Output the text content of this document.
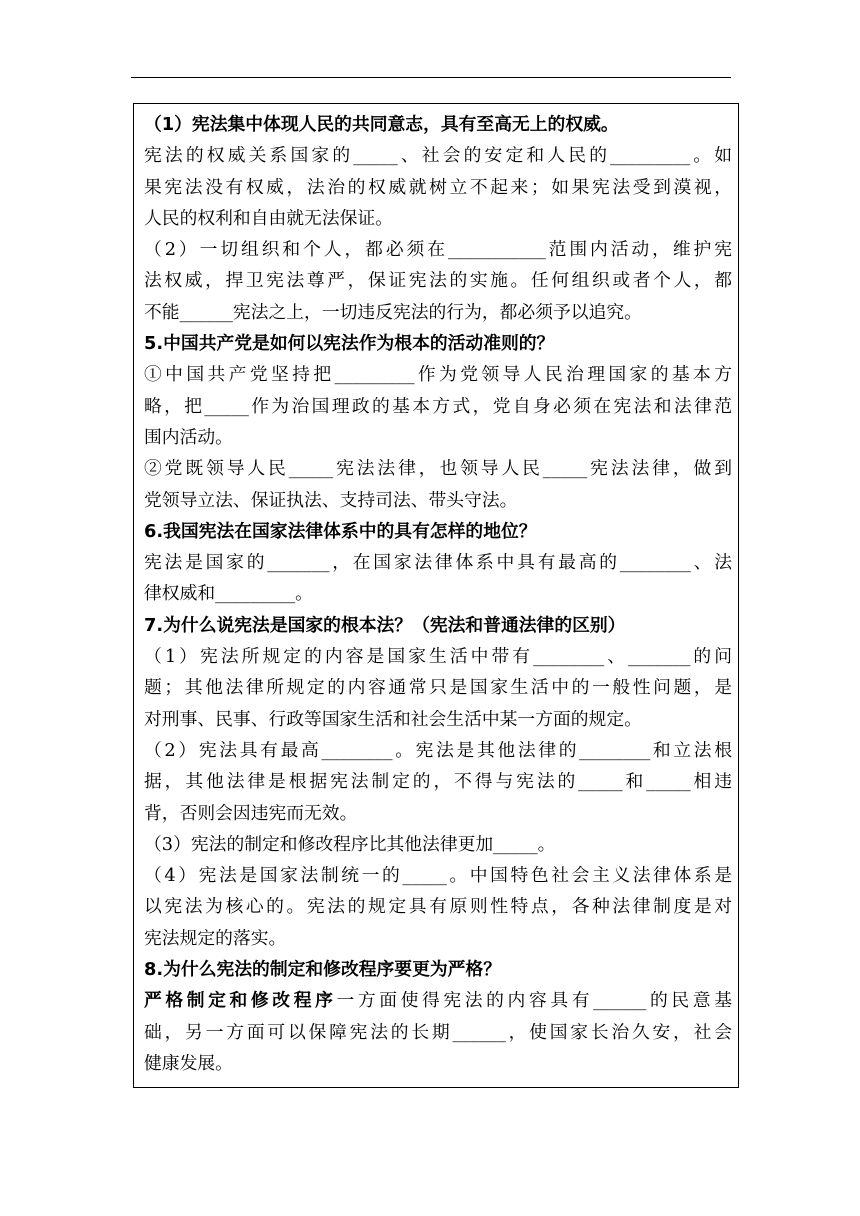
（1）宪法集中体现人民的共同意志，具有至高无上的权威。
宪法的权威关系国家的_____、社会的安定和人民的_________。如
果宪法没有权威，法治的权威就树立不起来；如果宪法受到漠视，
人民的权利和自由就无法保证。
（2）一切组织和个人，都必须在___________范围内活动，维护宪
法权威，捍卫宪法尊严，保证宪法的实施。任何组织或者个人，都
不能______宪法之上，一切违反宪法的行为，都必须予以追究。
5.中国共产党是如何以宪法作为根本的活动准则的？
①中国共产党坚持把_________作为党领导人民治理国家的基本方
略，把_____作为治国理政的基本方式，党自身必须在宪法和法律范
围内活动。
②党既领导人民_____宪法法律，也领导人民_____宪法法律，做到
党领导立法、保证执法、支持司法、带头守法。
6.我国宪法在国家法律体系中的具有怎样的地位？
宪法是国家的_______，在国家法律体系中具有最高的________、法
律权威和_________。
7.为什么说宪法是国家的根本法？（宪法和普通法律的区别）
（1）宪法所规定的内容是国家生活中带有________、_______的问
题；其他法律所规定的内容通常只是国家生活中的一般性问题，是
对刑事、民事、行政等国家生活和社会生活中某一方面的规定。
（2）宪法具有最高________。宪法是其他法律的________和立法根
据，其他法律是根据宪法制定的，不得与宪法的_____和_____相违
背，否则会因违宪而无效。
（3）宪法的制定和修改程序比其他法律更加_____。
（4）宪法是国家法制统一的_____。中国特色社会主义法律体系是
以宪法为核心的。宪法的规定具有原则性特点，各种法律制度是对
宪法规定的落实。
8.为什么宪法的制定和修改程序要更为严格？
严格制定和修改程序一方面使得宪法的内容具有______的民意基
础，另一方面可以保障宪法的长期______，使国家长治久安，社会
健康发展。
